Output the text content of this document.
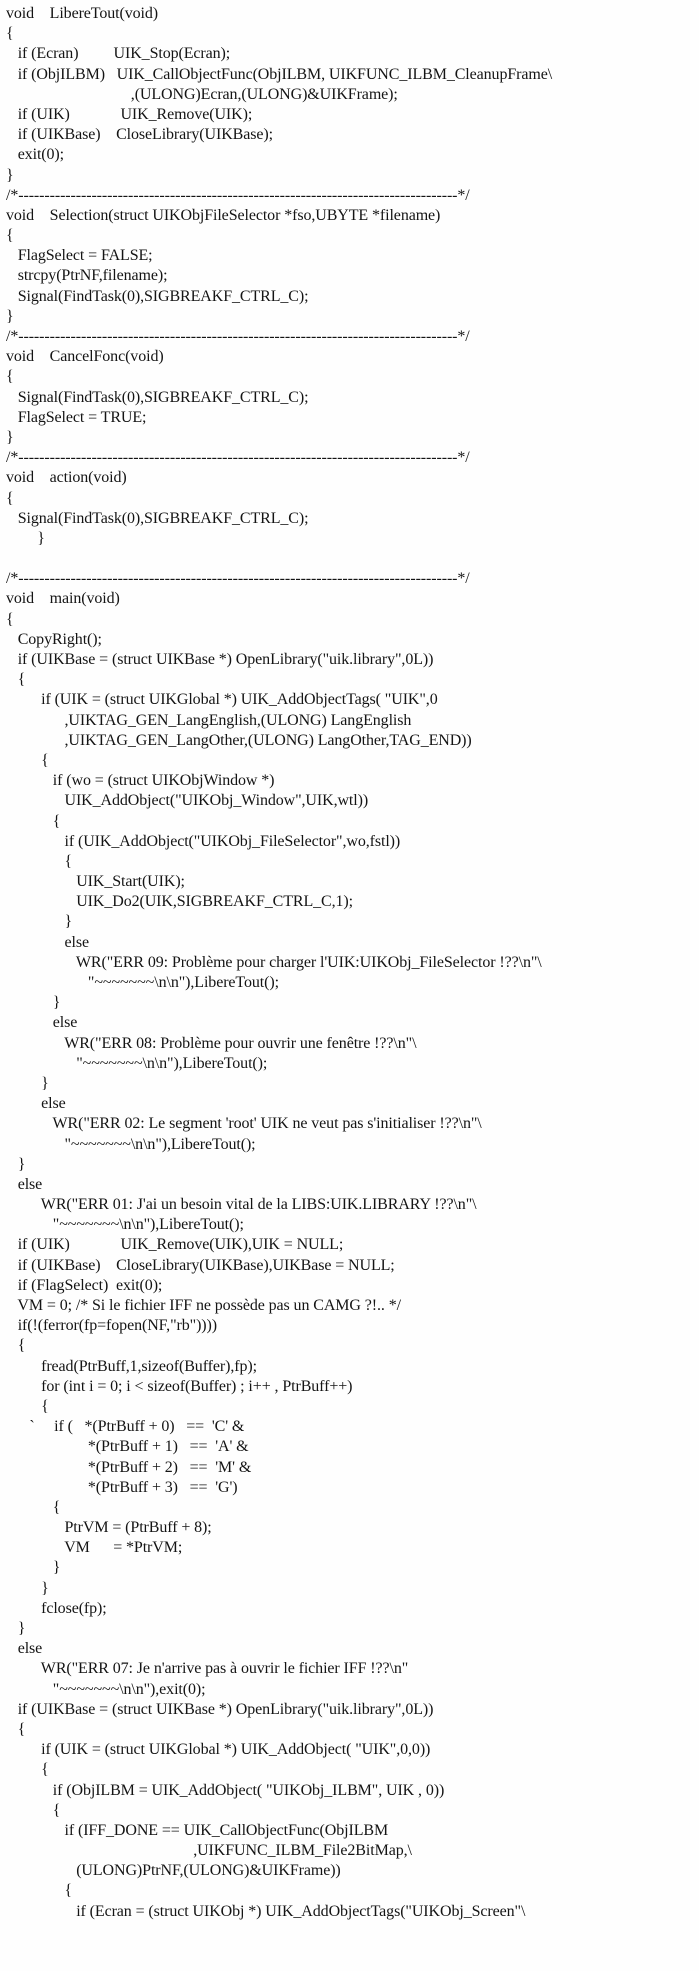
void    LibereTout(void)
{
if (Ecran)         UIK_Stop(Ecran);
if (ObjILBM)   UIK_CallObjectFunc(ObjILBM, UIKFUNC_ILBM_CleanupFrame\
,(ULONG)Ecran,(ULONG)&UIKFrame);
if (UIK)             UIK_Remove(UIK);
if (UIKBase)    CloseLibrary(UIKBase);
exit(0);
}
/*------------------------------------------------------------------------------------*/
void    Selection(struct UIKObjFileSelector *fso,UBYTE *filename)
{
FlagSelect = FALSE;
strcpy(PtrNF,filename);
Signal(FindTask(0),SIGBREAKF_CTRL_C);
}
/*------------------------------------------------------------------------------------*/
void    CancelFonc(void)
{
Signal(FindTask(0),SIGBREAKF_CTRL_C);
FlagSelect = TRUE;
}
/*------------------------------------------------------------------------------------*/
void    action(void)
{
Signal(FindTask(0),SIGBREAKF_CTRL_C);
}
/*------------------------------------------------------------------------------------*/
void    main(void)
{
CopyRight();
if (UIKBase = (struct UIKBase *) OpenLibrary("uik.library",0L))
{
if (UIK = (struct UIKGlobal *) UIK_AddObjectTags( "UIK",0
,UIKTAG_GEN_LangEnglish,(ULONG) LangEnglish
,UIKTAG_GEN_LangOther,(ULONG) LangOther,TAG_END))
{
if (wo = (struct UIKObjWindow *)
UIK_AddObject("UIKObj_Window",UIK,wtl))
{
if (UIK_AddObject("UIKObj_FileSelector",wo,fstl))
{
UIK_Start(UIK);
UIK_Do2(UIK,SIGBREAKF_CTRL_C,1);
}
else
WR("ERR 09: Problème pour charger l'UIK:UIKObj_FileSelector !??\n"\
"~~~~~~~\n\n"),LibereTout();
}
else
WR("ERR 08: Problème pour ouvrir une fenêtre !??\n"\
"~~~~~~~\n\n"),LibereTout();
}
else
WR("ERR 02: Le segment 'root' UIK ne veut pas s'initialiser !??\n"\
"~~~~~~~\n\n"),LibereTout();
}
else
WR("ERR 01: J'ai un besoin vital de la LIBS:UIK.LIBRARY !??\n"\
"~~~~~~~\n\n"),LibereTout();
if (UIK)             UIK_Remove(UIK),UIK = NULL;
if (UIKBase)    CloseLibrary(UIKBase),UIKBase = NULL;
if (FlagSelect)  exit(0);
VM = 0; /* Si le fichier IFF ne possède pas un CAMG ?!.. */
if(!(ferror(fp=fopen(NF,"rb"))))
{
fread(PtrBuff,1,sizeof(Buffer),fp);
for (int i = 0; i < sizeof(Buffer) ; i++ , PtrBuff++)
{
`     if (   *(PtrBuff + 0)   ==  'C' &
*(PtrBuff + 1)   ==  'A' &
*(PtrBuff + 2)   ==  'M' &
*(PtrBuff + 3)   ==  'G')
{
PtrVM = (PtrBuff + 8);
VM      = *PtrVM;
}
}
fclose(fp);
}
else
WR("ERR 07: Je n'arrive pas à ouvrir le fichier IFF !??\n"
"~~~~~~~\n\n"),exit(0);
if (UIKBase = (struct UIKBase *) OpenLibrary("uik.library",0L))
{
if (UIK = (struct UIKGlobal *) UIK_AddObject( "UIK",0,0))
{
if (ObjILBM = UIK_AddObject( "UIKObj_ILBM", UIK , 0))
{
if (IFF_DONE == UIK_CallObjectFunc(ObjILBM
,UIKFUNC_ILBM_File2BitMap,\
(ULONG)PtrNF,(ULONG)&UIKFrame))
{
if (Ecran = (struct UIKObj *) UIK_AddObjectTags("UIKObj_Screen"\
